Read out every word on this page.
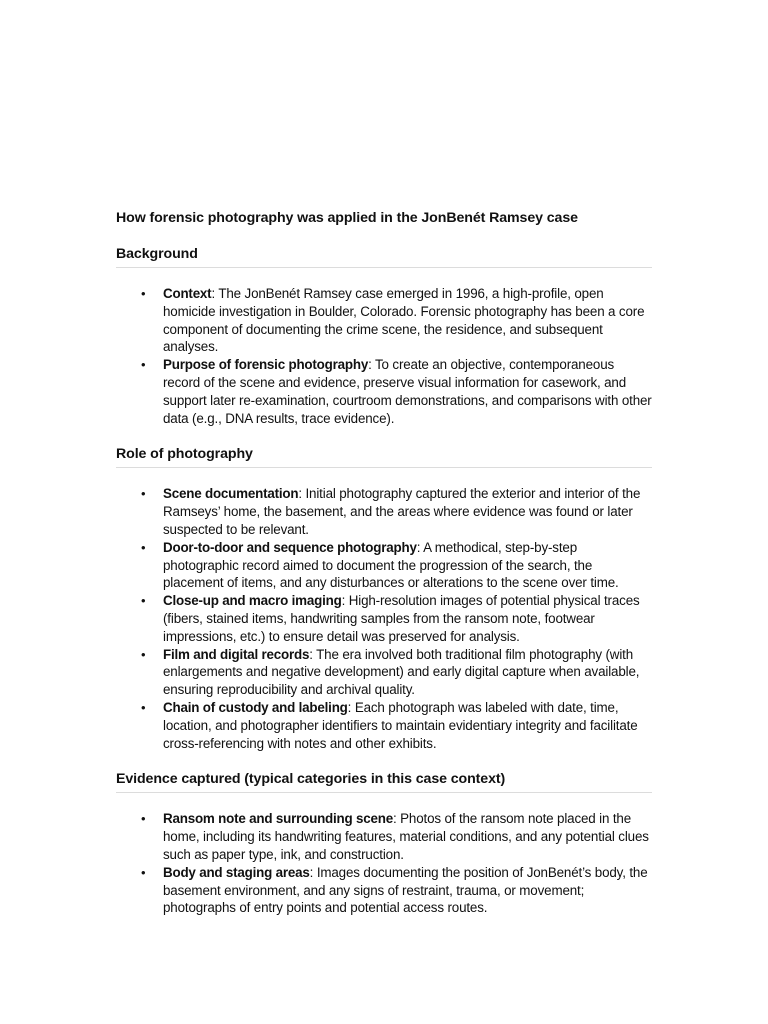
How forensic photography was applied in the JonBenét Ramsey case
Background
• Context: The JonBenét Ramsey case emerged in 1996, a high-profile, open homicide investigation in Boulder, Colorado. Forensic photography has been a core component of documenting the crime scene, the residence, and subsequent analyses.
• Purpose of forensic photography: To create an objective, contemporaneous record of the scene and evidence, preserve visual information for casework, and support later re-examination, courtroom demonstrations, and comparisons with other data (e.g., DNA results, trace evidence).
Role of photography
• Scene documentation: Initial photography captured the exterior and interior of the Ramseys’ home, the basement, and the areas where evidence was found or later suspected to be relevant.
• Door-to-door and sequence photography: A methodical, step-by-step photographic record aimed to document the progression of the search, the placement of items, and any disturbances or alterations to the scene over time.
• Close-up and macro imaging: High-resolution images of potential physical traces (fibers, stained items, handwriting samples from the ransom note, footwear impressions, etc.) to ensure detail was preserved for analysis.
• Film and digital records: The era involved both traditional film photography (with enlargements and negative development) and early digital capture when available, ensuring reproducibility and archival quality.
• Chain of custody and labeling: Each photograph was labeled with date, time, location, and photographer identifiers to maintain evidentiary integrity and facilitate cross-referencing with notes and other exhibits.
Evidence captured (typical categories in this case context)
• Ransom note and surrounding scene: Photos of the ransom note placed in the home, including its handwriting features, material conditions, and any potential clues such as paper type, ink, and construction.
• Body and staging areas: Images documenting the position of JonBenét’s body, the basement environment, and any signs of restraint, trauma, or movement; photographs of entry points and potential access routes.
